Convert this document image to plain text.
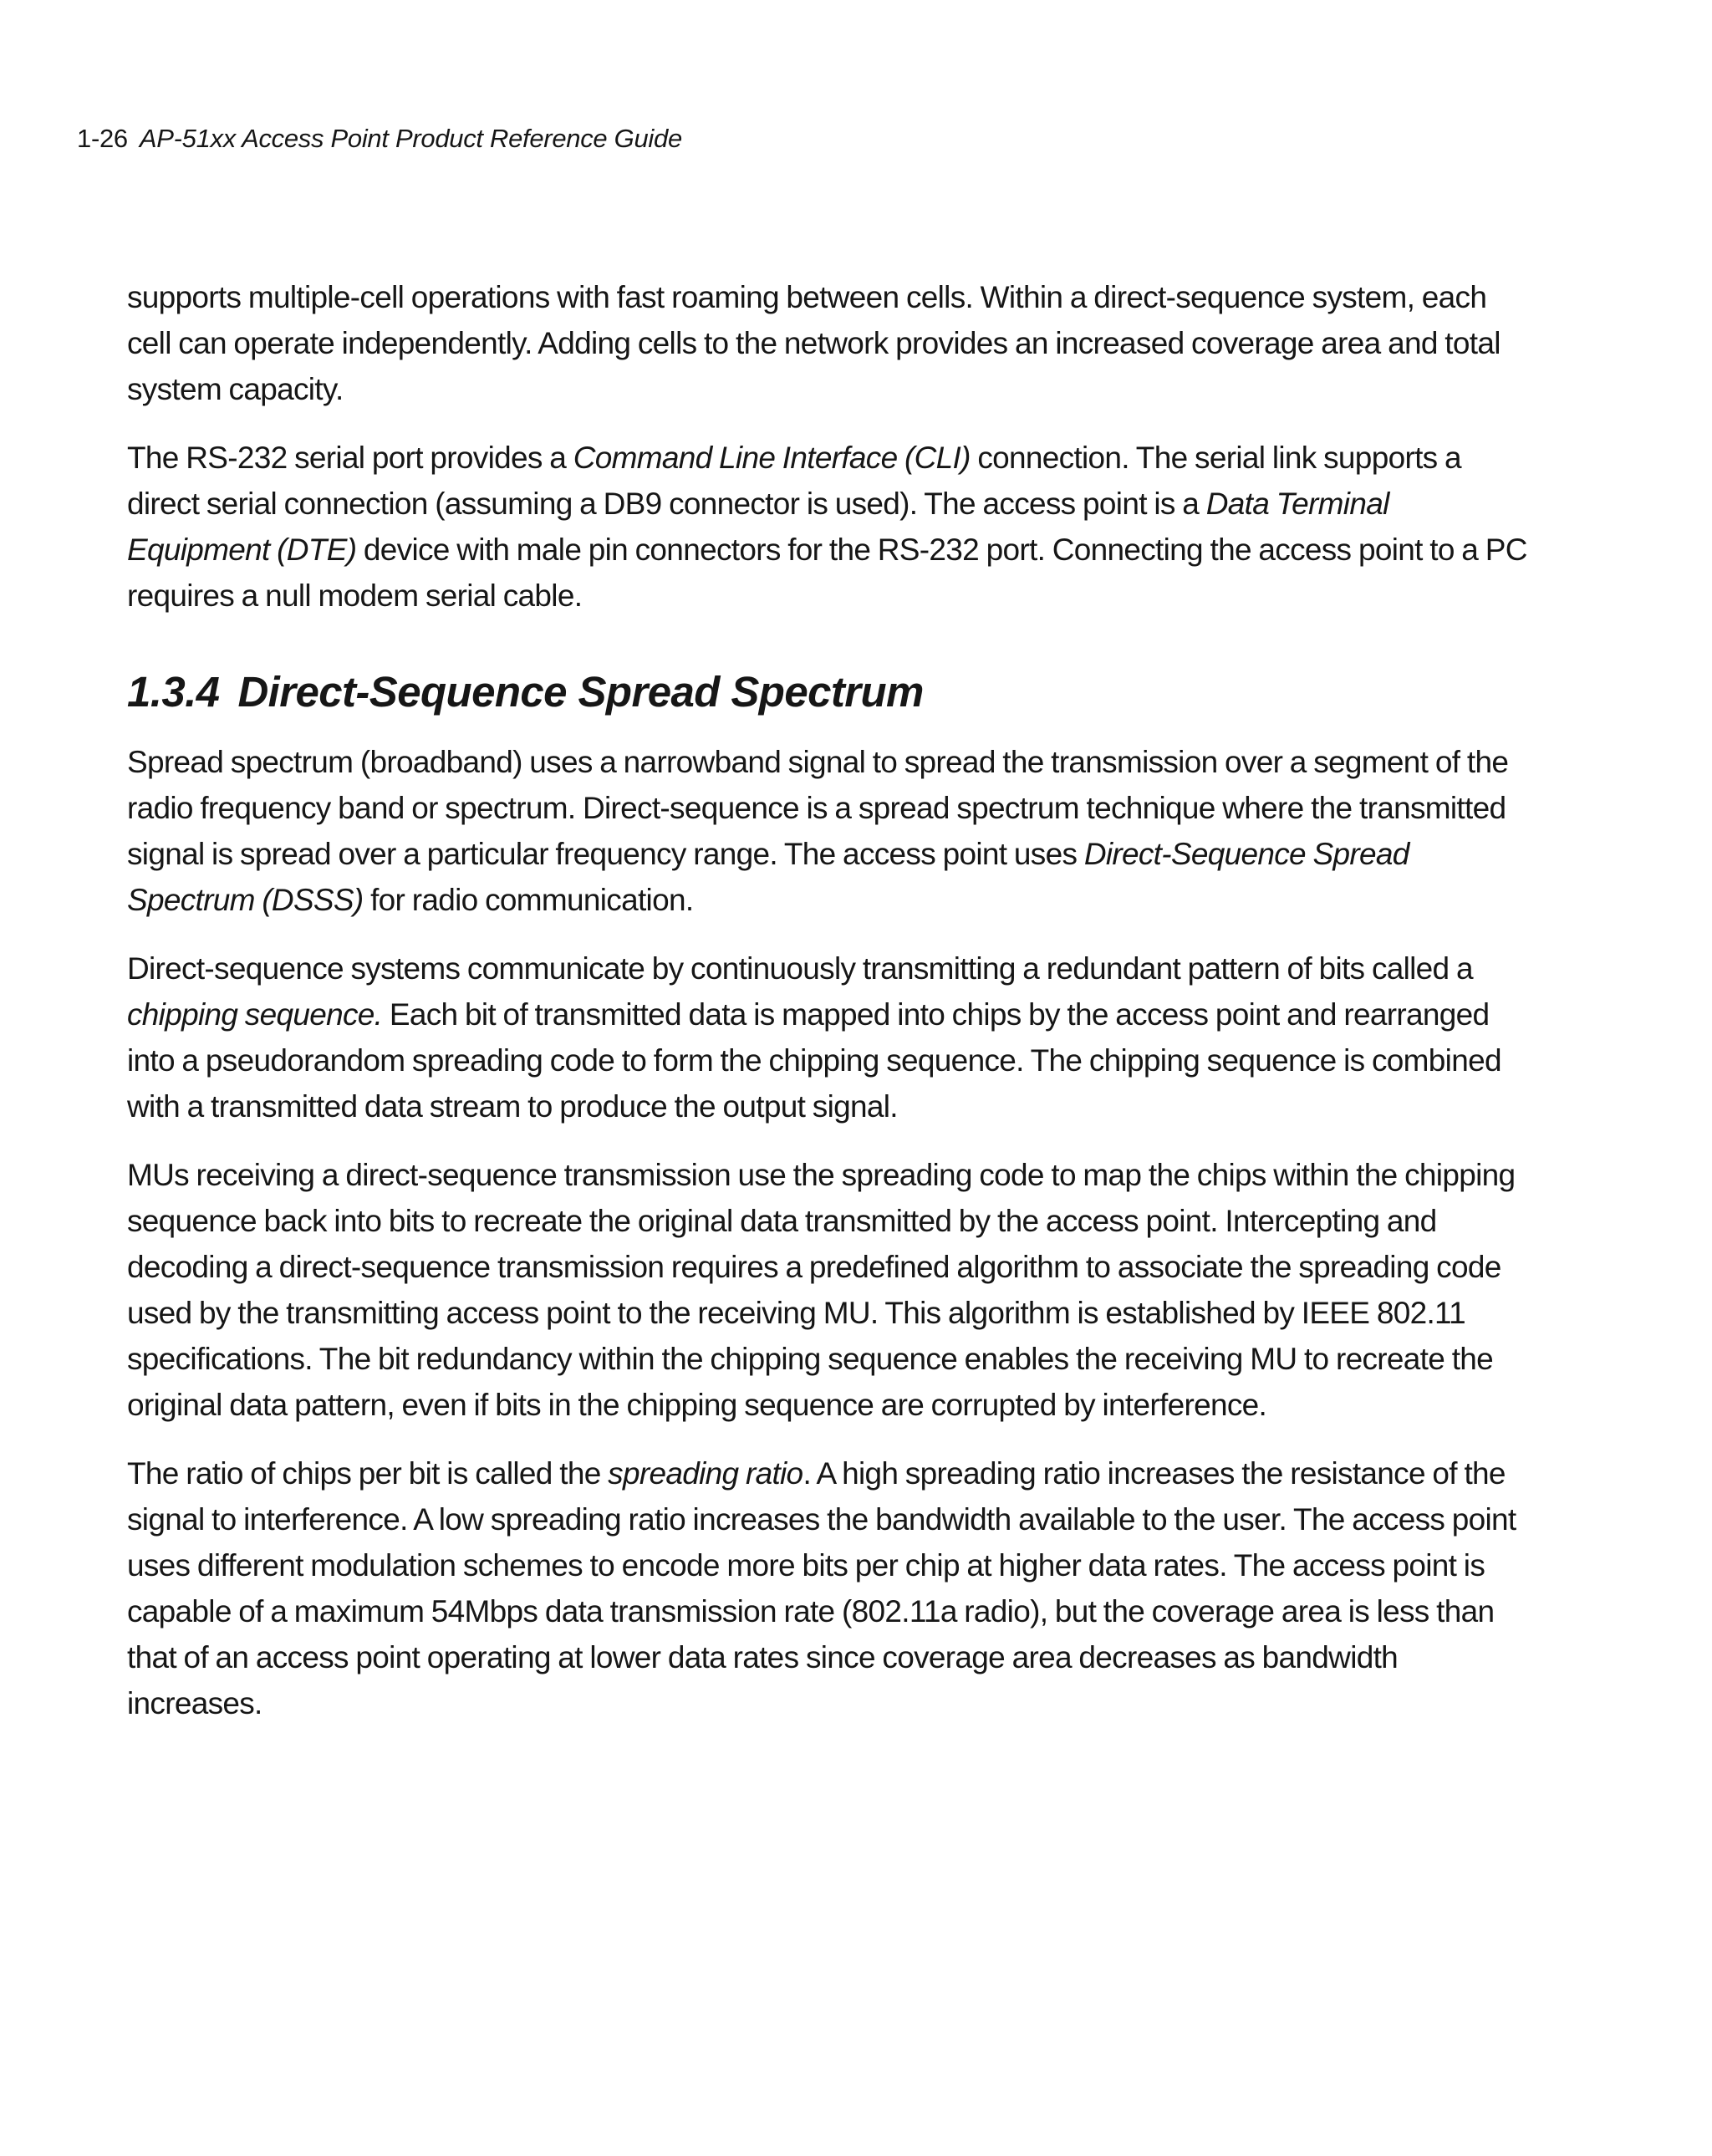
1-26 AP-51xx Access Point Product Reference Guide

supports multiple-cell operations with fast roaming between cells. Within a direct-sequence system, each cell can operate independently. Adding cells to the network provides an increased coverage area and total system capacity.

The RS-232 serial port provides a Command Line Interface (CLI) connection. The serial link supports a direct serial connection (assuming a DB9 connector is used). The access point is a Data Terminal Equipment (DTE) device with male pin connectors for the RS-232 port. Connecting the access point to a PC requires a null modem serial cable.

1.3.4 Direct-Sequence Spread Spectrum

Spread spectrum (broadband) uses a narrowband signal to spread the transmission over a segment of the radio frequency band or spectrum. Direct-sequence is a spread spectrum technique where the transmitted signal is spread over a particular frequency range. The access point uses Direct-Sequence Spread Spectrum (DSSS) for radio communication.

Direct-sequence systems communicate by continuously transmitting a redundant pattern of bits called a chipping sequence. Each bit of transmitted data is mapped into chips by the access point and rearranged into a pseudorandom spreading code to form the chipping sequence. The chipping sequence is combined with a transmitted data stream to produce the output signal.

MUs receiving a direct-sequence transmission use the spreading code to map the chips within the chipping sequence back into bits to recreate the original data transmitted by the access point. Intercepting and decoding a direct-sequence transmission requires a predefined algorithm to associate the spreading code used by the transmitting access point to the receiving MU. This algorithm is established by IEEE 802.11 specifications. The bit redundancy within the chipping sequence enables the receiving MU to recreate the original data pattern, even if bits in the chipping sequence are corrupted by interference.

The ratio of chips per bit is called the spreading ratio. A high spreading ratio increases the resistance of the signal to interference. A low spreading ratio increases the bandwidth available to the user. The access point uses different modulation schemes to encode more bits per chip at higher data rates. The access point is capable of a maximum 54Mbps data transmission rate (802.11a radio), but the coverage area is less than that of an access point operating at lower data rates since coverage area decreases as bandwidth increases.
